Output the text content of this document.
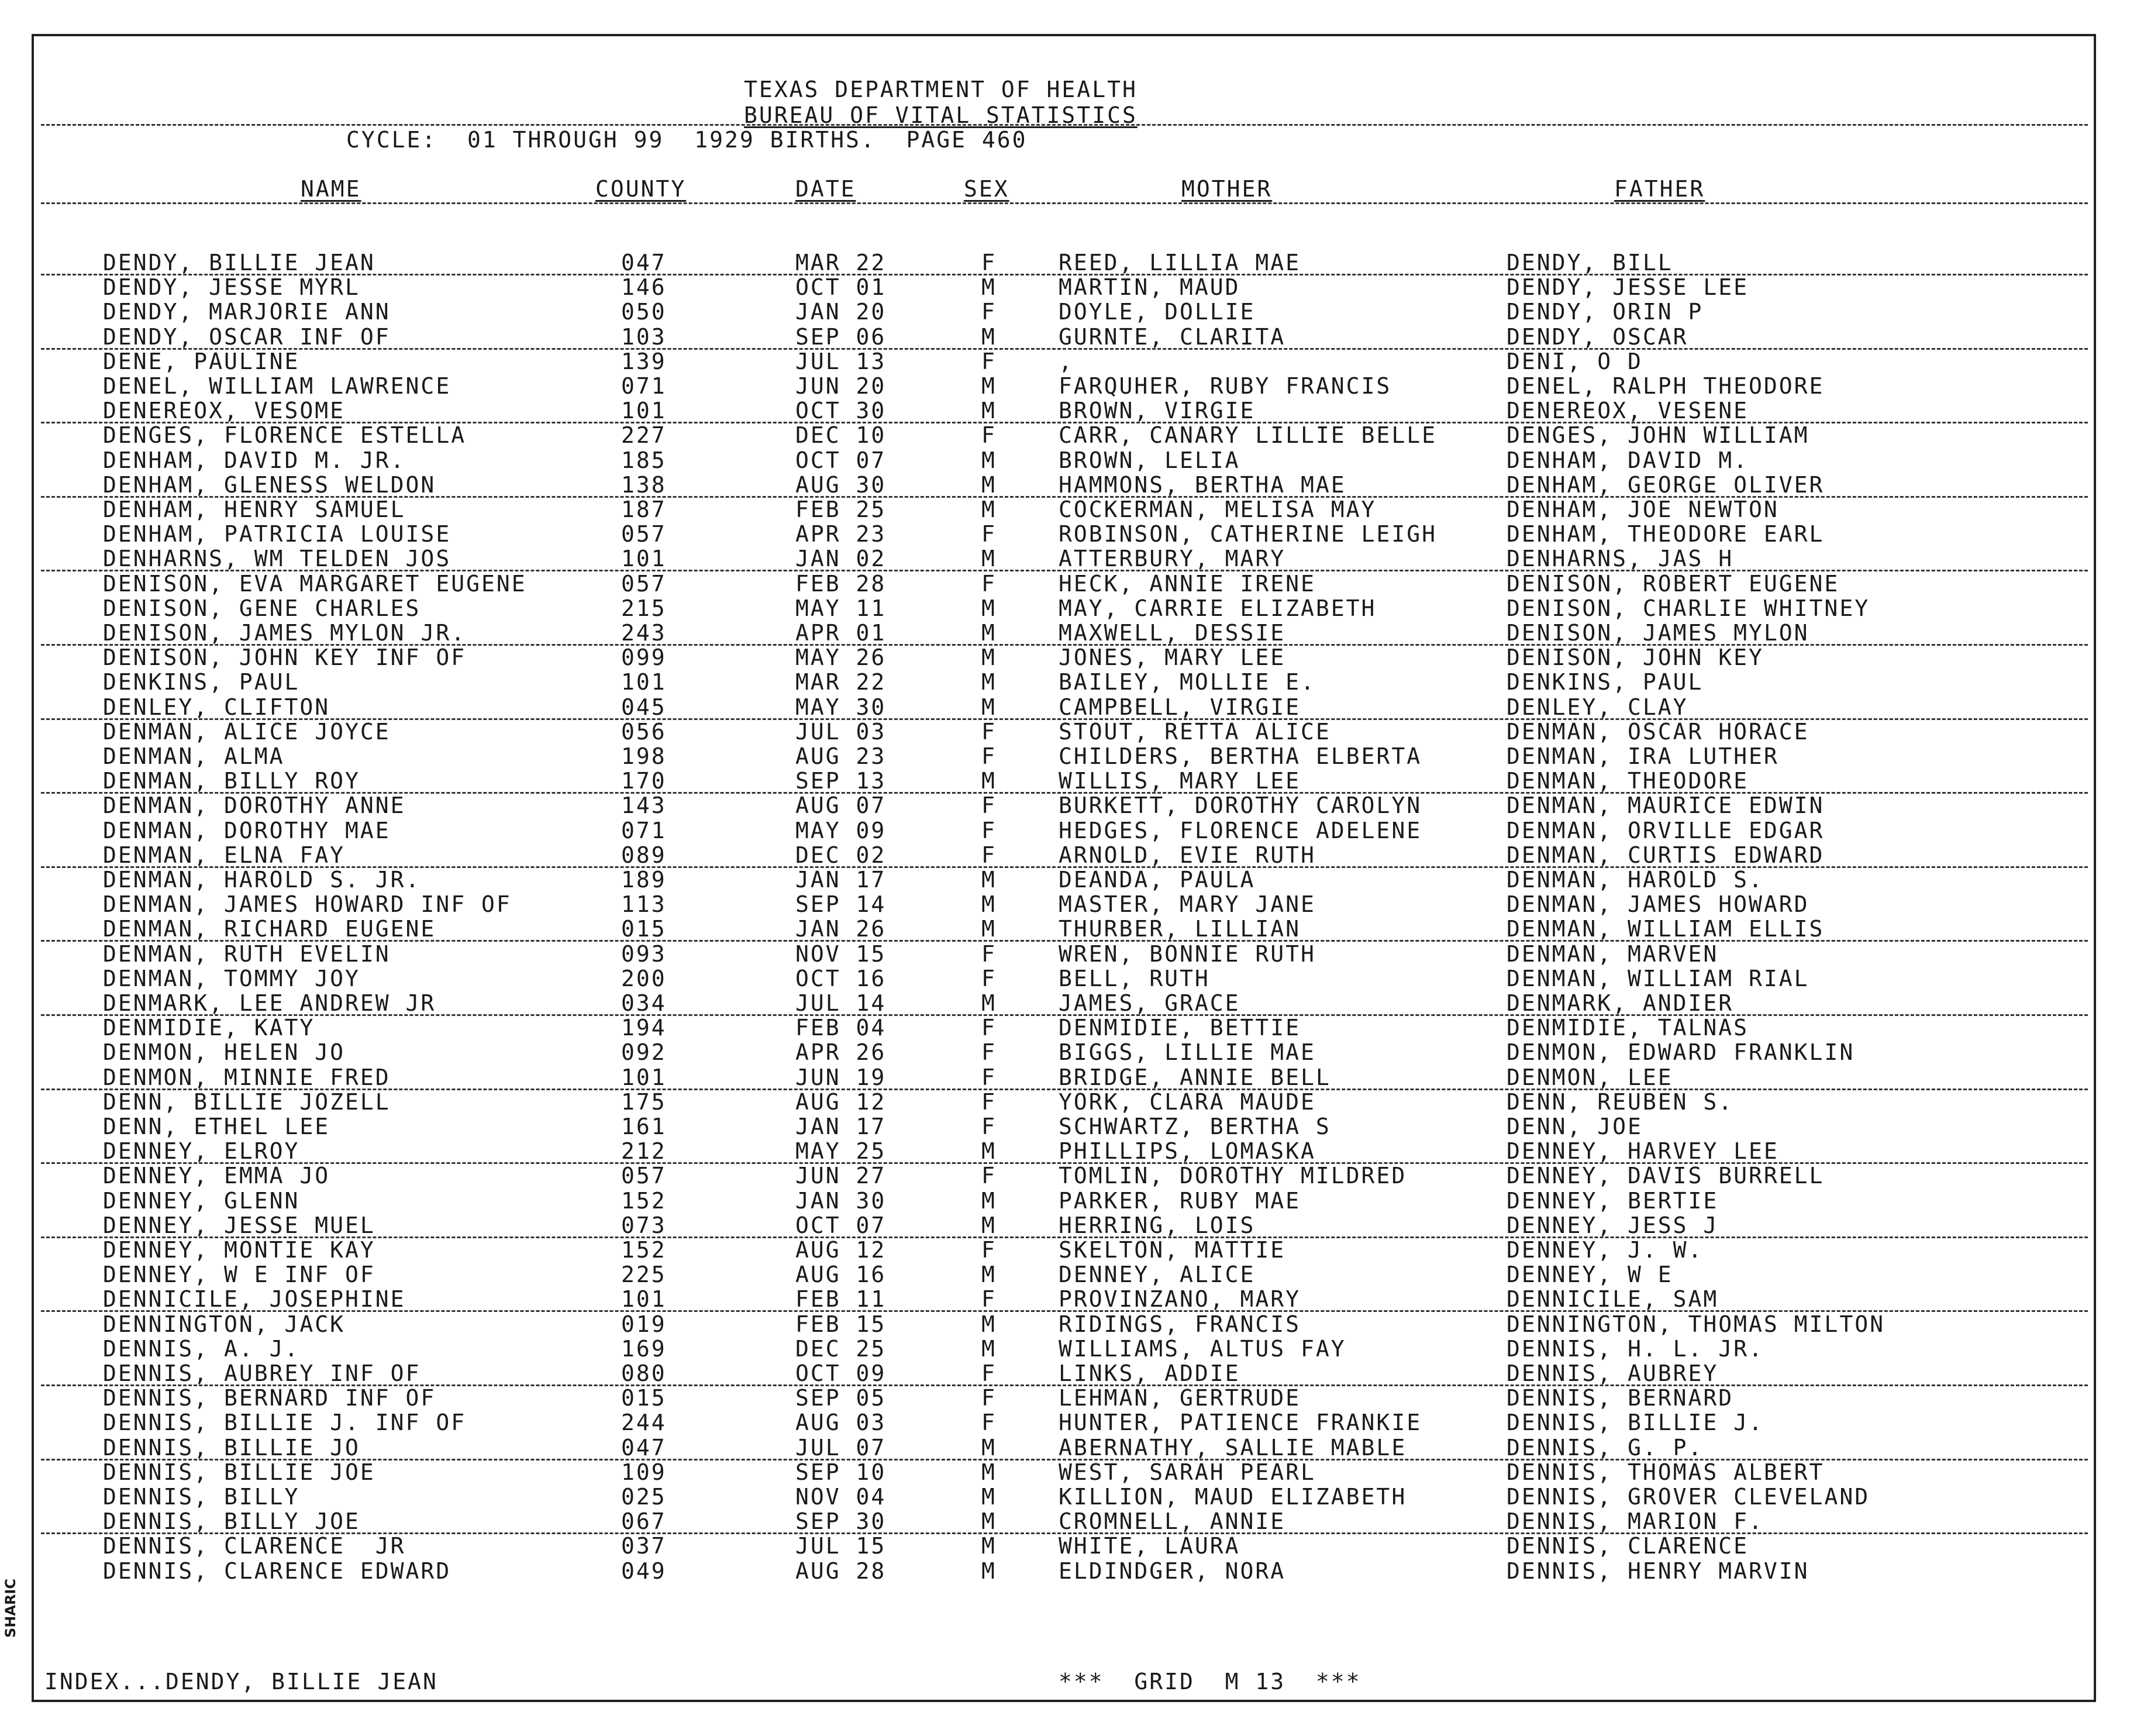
TEXAS DEPARTMENT OF HEALTH
BUREAU OF VITAL STATISTICS
CYCLE:  01 THROUGH 99  1929 BIRTHS.  PAGE 460
NAME	COUNTY	DATE	SEX	MOTHER	FATHER
DENDY, BILLIE JEAN	047	MAR 22	F	REED, LILLIA MAE	DENDY, BILL
DENDY, JESSE MYRL	146	OCT 01	M	MARTIN, MAUD	DENDY, JESSE LEE
DENDY, MARJORIE ANN	050	JAN 20	F	DOYLE, DOLLIE	DENDY, ORIN P
DENDY, OSCAR INF OF	103	SEP 06	M	GURNTE, CLARITA	DENDY, OSCAR
DENE, PAULINE	139	JUL 13	F	,	DENI, O D
DENEL, WILLIAM LAWRENCE	071	JUN 20	M	FARQUHER, RUBY FRANCIS	DENEL, RALPH THEODORE
DENEREOX, VESOME	101	OCT 30	M	BROWN, VIRGIE	DENEREOX, VESENE
DENGES, FLORENCE ESTELLA	227	DEC 10	F	CARR, CANARY LILLIE BELLE	DENGES, JOHN WILLIAM
DENHAM, DAVID M. JR.	185	OCT 07	M	BROWN, LELIA	DENHAM, DAVID M.
DENHAM, GLENESS WELDON	138	AUG 30	M	HAMMONS, BERTHA MAE	DENHAM, GEORGE OLIVER
DENHAM, HENRY SAMUEL	187	FEB 25	M	COCKERMAN, MELISA MAY	DENHAM, JOE NEWTON
DENHAM, PATRICIA LOUISE	057	APR 23	F	ROBINSON, CATHERINE LEIGH	DENHAM, THEODORE EARL
DENHARNS, WM TELDEN JOS	101	JAN 02	M	ATTERBURY, MARY	DENHARNS, JAS H
DENISON, EVA MARGARET EUGENE	057	FEB 28	F	HECK, ANNIE IRENE	DENISON, ROBERT EUGENE
DENISON, GENE CHARLES	215	MAY 11	M	MAY, CARRIE ELIZABETH	DENISON, CHARLIE WHITNEY
DENISON, JAMES MYLON JR.	243	APR 01	M	MAXWELL, DESSIE	DENISON, JAMES MYLON
DENISON, JOHN KEY INF OF	099	MAY 26	M	JONES, MARY LEE	DENISON, JOHN KEY
DENKINS, PAUL	101	MAR 22	M	BAILEY, MOLLIE E.	DENKINS, PAUL
DENLEY, CLIFTON	045	MAY 30	M	CAMPBELL, VIRGIE	DENLEY, CLAY
DENMAN, ALICE JOYCE	056	JUL 03	F	STOUT, RETTA ALICE	DENMAN, OSCAR HORACE
DENMAN, ALMA	198	AUG 23	F	CHILDERS, BERTHA ELBERTA	DENMAN, IRA LUTHER
DENMAN, BILLY ROY	170	SEP 13	M	WILLIS, MARY LEE	DENMAN, THEODORE
DENMAN, DOROTHY ANNE	143	AUG 07	F	BURKETT, DOROTHY CAROLYN	DENMAN, MAURICE EDWIN
DENMAN, DOROTHY MAE	071	MAY 09	F	HEDGES, FLORENCE ADELENE	DENMAN, ORVILLE EDGAR
DENMAN, ELNA FAY	089	DEC 02	F	ARNOLD, EVIE RUTH	DENMAN, CURTIS EDWARD
DENMAN, HAROLD S. JR.	189	JAN 17	M	DEANDA, PAULA	DENMAN, HAROLD S.
DENMAN, JAMES HOWARD INF OF	113	SEP 14	M	MASTER, MARY JANE	DENMAN, JAMES HOWARD
DENMAN, RICHARD EUGENE	015	JAN 26	M	THURBER, LILLIAN	DENMAN, WILLIAM ELLIS
DENMAN, RUTH EVELIN	093	NOV 15	F	WREN, BONNIE RUTH	DENMAN, MARVEN
DENMAN, TOMMY JOY	200	OCT 16	F	BELL, RUTH	DENMAN, WILLIAM RIAL
DENMARK, LEE ANDREW JR	034	JUL 14	M	JAMES, GRACE	DENMARK, ANDIER
DENMIDIE, KATY	194	FEB 04	F	DENMIDIE, BETTIE	DENMIDIE, TALNAS
DENMON, HELEN JO	092	APR 26	F	BIGGS, LILLIE MAE	DENMON, EDWARD FRANKLIN
DENMON, MINNIE FRED	101	JUN 19	F	BRIDGE, ANNIE BELL	DENMON, LEE
DENN, BILLIE JOZELL	175	AUG 12	F	YORK, CLARA MAUDE	DENN, REUBEN S.
DENN, ETHEL LEE	161	JAN 17	F	SCHWARTZ, BERTHA S	DENN, JOE
DENNEY, ELROY	212	MAY 25	M	PHILLIPS, LOMASKA	DENNEY, HARVEY LEE
DENNEY, EMMA JO	057	JUN 27	F	TOMLIN, DOROTHY MILDRED	DENNEY, DAVIS BURRELL
DENNEY, GLENN	152	JAN 30	M	PARKER, RUBY MAE	DENNEY, BERTIE
DENNEY, JESSE MUEL	073	OCT 07	M	HERRING, LOIS	DENNEY, JESS J
DENNEY, MONTIE KAY	152	AUG 12	F	SKELTON, MATTIE	DENNEY, J. W.
DENNEY, W E INF OF	225	AUG 16	M	DENNEY, ALICE	DENNEY, W E
DENNICILE, JOSEPHINE	101	FEB 11	F	PROVINZANO, MARY	DENNICILE, SAM
DENNINGTON, JACK	019	FEB 15	M	RIDINGS, FRANCIS	DENNINGTON, THOMAS MILTON
DENNIS, A. J.	169	DEC 25	M	WILLIAMS, ALTUS FAY	DENNIS, H. L. JR.
DENNIS, AUBREY INF OF	080	OCT 09	F	LINKS, ADDIE	DENNIS, AUBREY
DENNIS, BERNARD INF OF	015	SEP 05	F	LEHMAN, GERTRUDE	DENNIS, BERNARD
DENNIS, BILLIE J. INF OF	244	AUG 03	F	HUNTER, PATIENCE FRANKIE	DENNIS, BILLIE J.
DENNIS, BILLIE JO	047	JUL 07	M	ABERNATHY, SALLIE MABLE	DENNIS, G. P.
DENNIS, BILLIE JOE	109	SEP 10	M	WEST, SARAH PEARL	DENNIS, THOMAS ALBERT
DENNIS, BILLY	025	NOV 04	M	KILLION, MAUD ELIZABETH	DENNIS, GROVER CLEVELAND
DENNIS, BILLY JOE	067	SEP 30	M	CROMNELL, ANNIE	DENNIS, MARION F.
DENNIS, CLARENCE  JR	037	JUL 15	M	WHITE, LAURA	DENNIS, CLARENCE
DENNIS, CLARENCE EDWARD	049	AUG 28	M	ELDINDGER, NORA	DENNIS, HENRY MARVIN
INDEX...DENDY, BILLIE JEAN	***  GRID  M 13  ***
SHARIC
